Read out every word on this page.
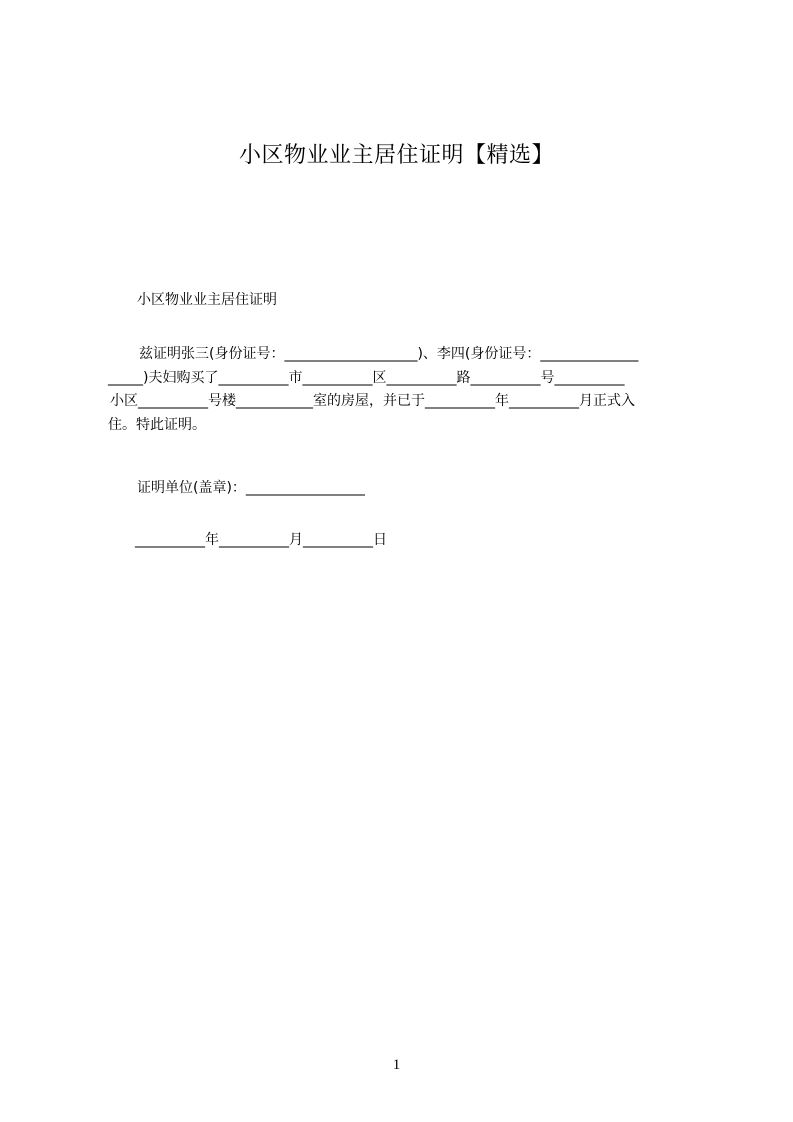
小区物业业主居住证明【精选】
小区物业业主居住证明
兹证明张三(身份证号：___________________)、李四(身份证号：______________
_____)夫妇购买了__________市__________区__________路__________号__________
小区__________号楼___________室的房屋，并已于__________年__________月正式入
住。特此证明。
证明单位(盖章)：_________________
__________年__________月__________日
1
